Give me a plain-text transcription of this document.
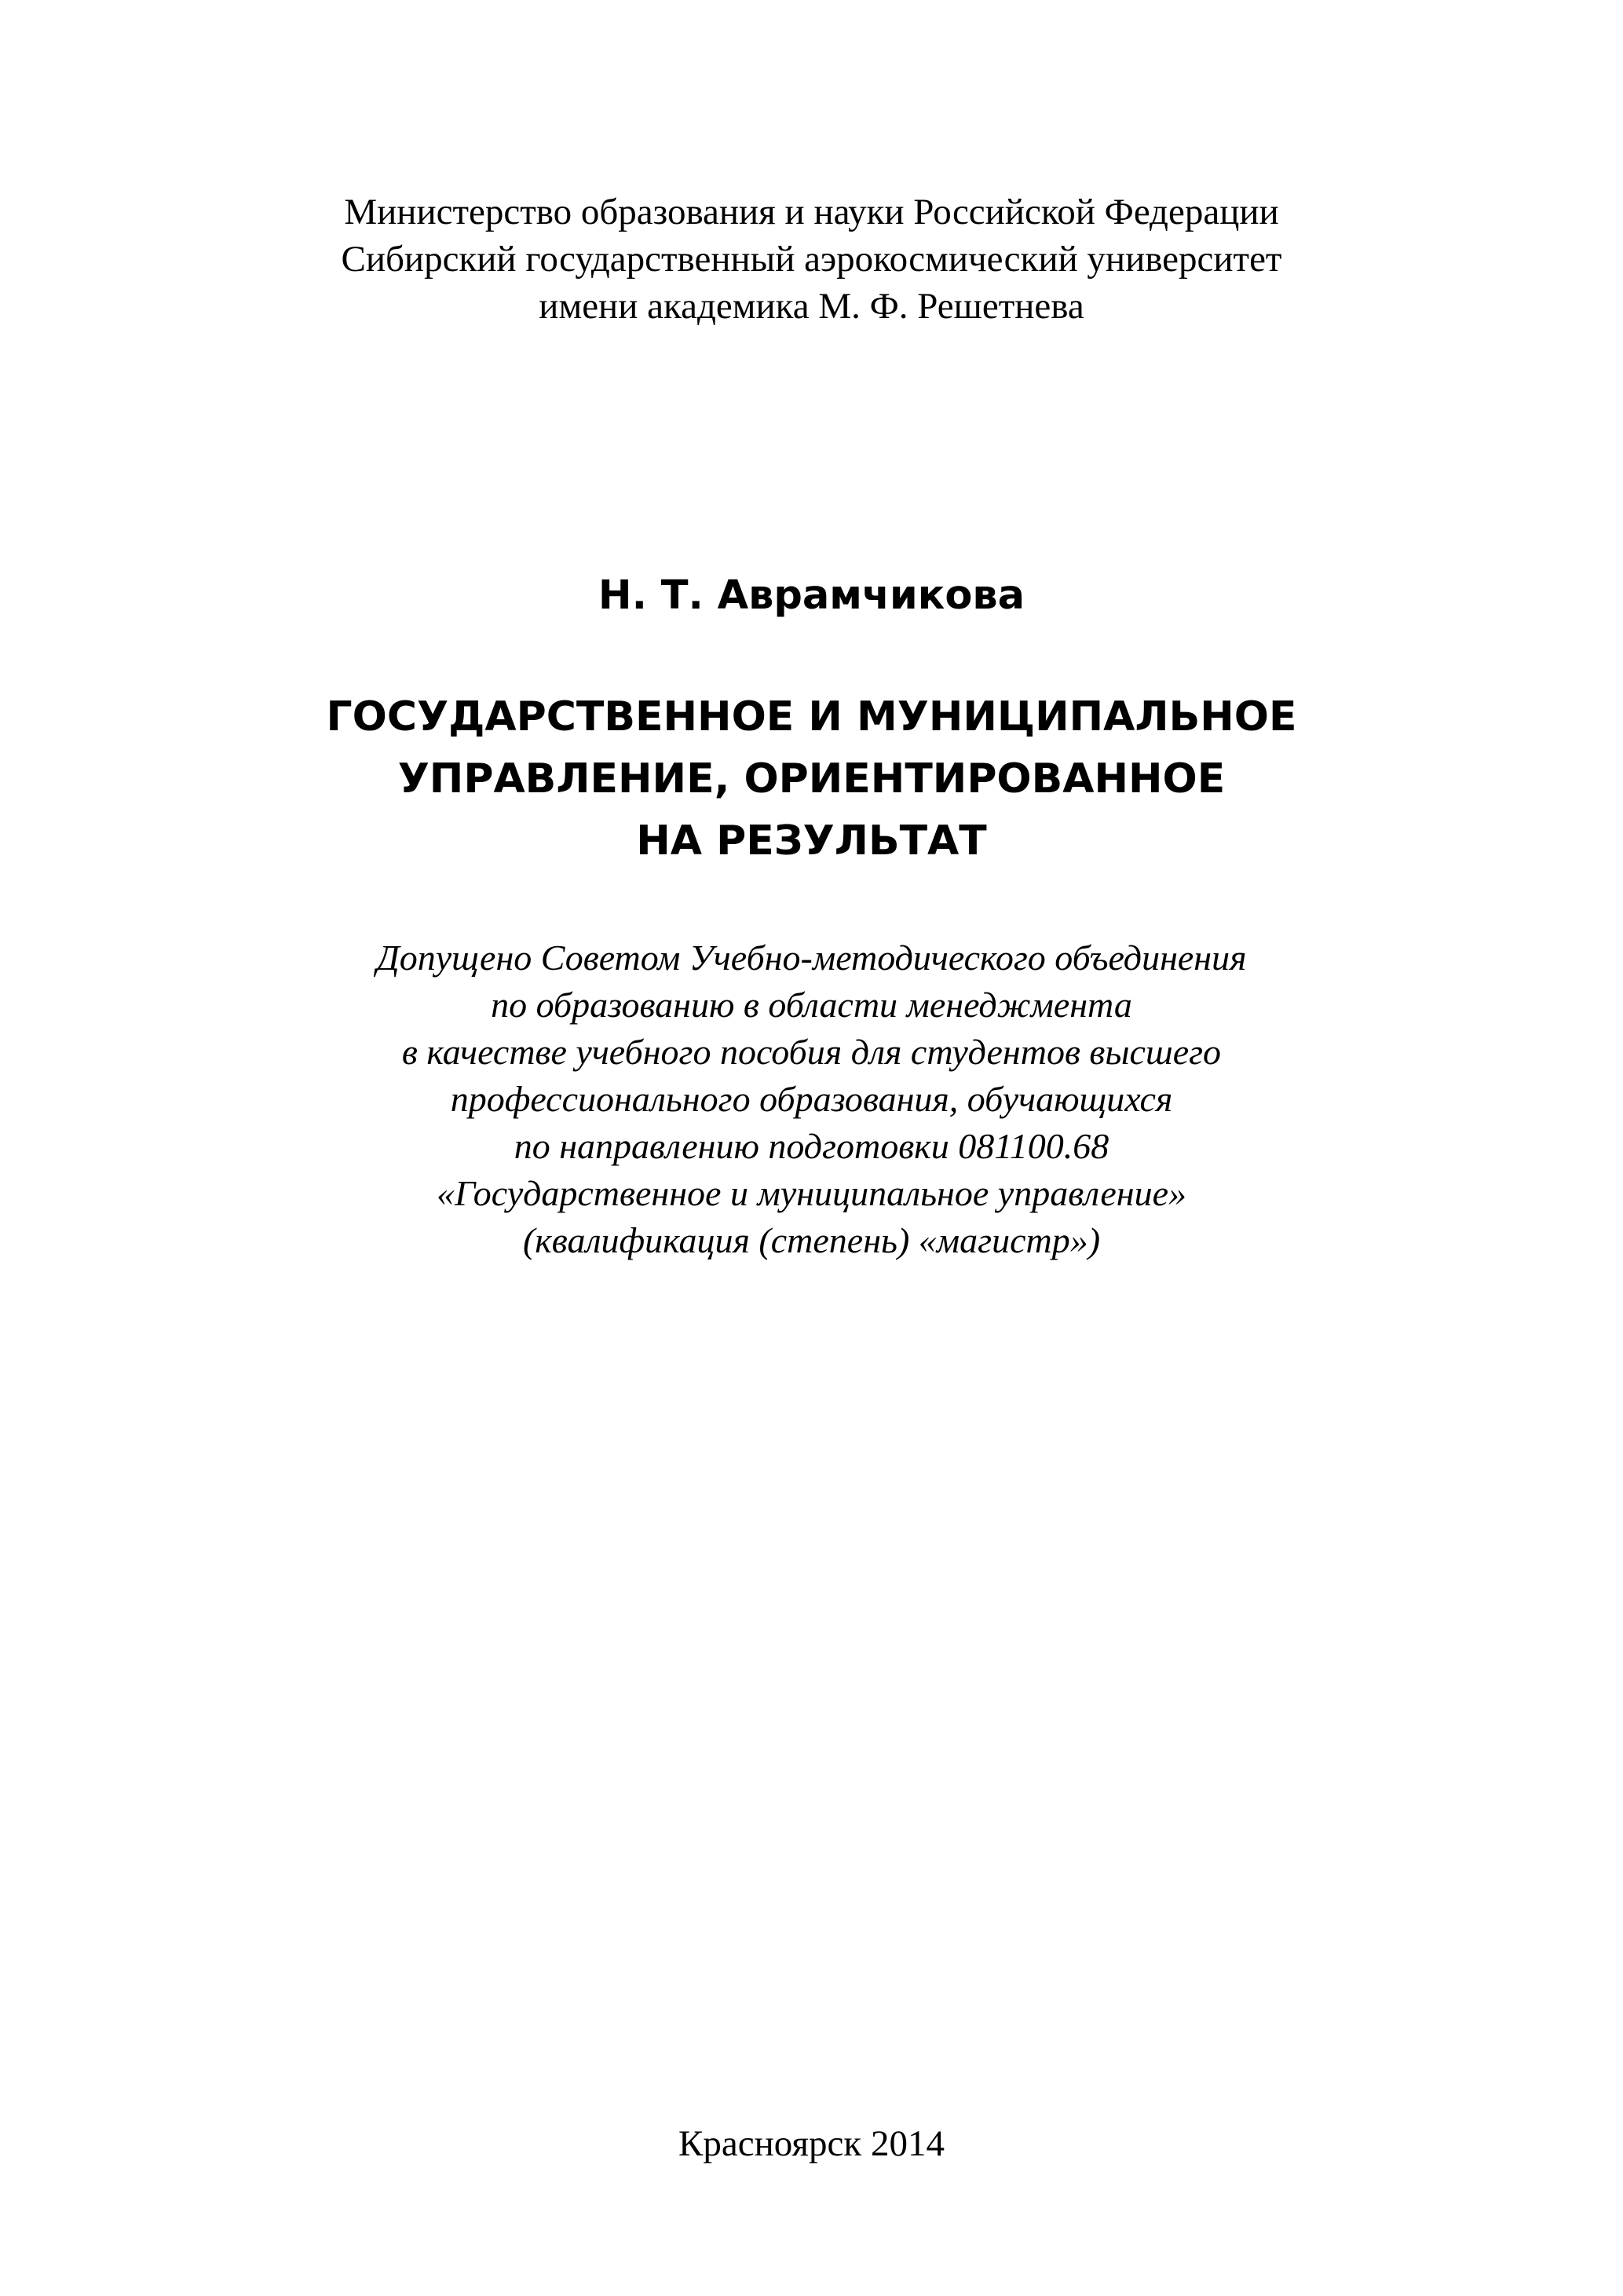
Министерство образования и науки Российской Федерации
Сибирский государственный аэрокосмический университет
имени академика М. Ф. Решетнева
Н. Т. Аврамчикова
ГОСУДАРСТВЕННОЕ И МУНИЦИПАЛЬНОЕ
УПРАВЛЕНИЕ, ОРИЕНТИРОВАННОЕ
НА РЕЗУЛЬТАТ
Допущено Советом Учебно-методического объединения
по образованию в области менеджмента
в качестве учебного пособия для студентов высшего
профессионального образования, обучающихся
по направлению подготовки 081100.68
«Государственное и муниципальное управление»
(квалификация (степень) «магистр»)
Красноярск 2014
